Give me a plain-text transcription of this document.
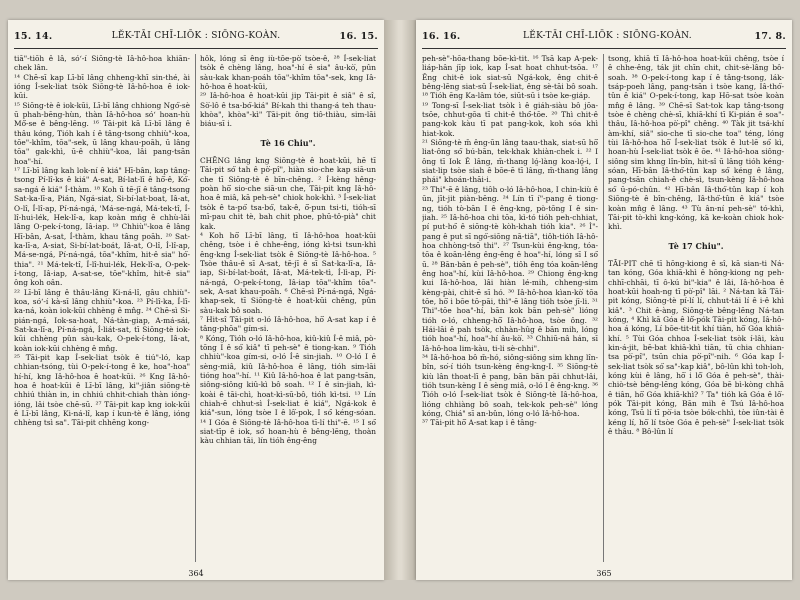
15. 14.	LĔK-TĀI CHĪ-LIŌK : SIŌNG-KOÀN.	16. 15.

tiā"-tiōh ê lâ, sóʻ-í Siōng-tè Iâ-hô-hoa khiān-chek lân.
¹⁴ Chē-sī kap Lī-bī lâng chheng-khī sin-thé, ài ióng Í-sek-liat tsòk Siōng-tè Iâ-hô-hoa ê iok-kūi.
¹⁵ Siōng-tè ê iok-kūi, Lī-bī lâng chhiong Ngó͘-sè ū phah-bēng-hùn, thàn Iâ-hô-hoa sóʻ hoan-hù Mô͘-se ê bêng-lēng. ¹⁶ Tāi-pit kā Lī-bī lâng ê thâu kóng, Tióh kah í ê tâng-tsong chhiù"-koa, tōe"-khîm, tōa"-sek, ū lâng khau-poāh, ū lâng tōa" gak-khì, ū-ê chhiù"-koa, lâi pang-tsān hoa"-hí.
¹⁷ Lī-bī lâng kah lok-ní ê kiá" Hī-bân, kap tâng-tsong Pí-lî-ks ê kiá" A-sat, Bí-lat-lī ê hō͘-ê, Kó͘-sa-ngá ê kiá" Í-thàm. ¹⁸ Koh ū tē-jī ê tâng-tsong Sat-ka-lī-a, Pián, Ngá-siat, Si-bí-lat-boat, Iâ-at, O-lî, Í-lî-ap, Pí-ná-ngá, 'Má-se-ngá, Má-tek-tî, Í-lî-hui-lék, Hek-lî-a, kap koàn mńg ê chhù-lāi lâng O-pek-í-tong, Iâ-iap. ¹⁹ Chhiù"-koa ê lâng Hī-bân, A-sat, Í-thàm, khau tâng poāh. ²⁰ Sat-ka-lī-a, A-siat, Si-bí-lat-boát, Iâ-at, O-lî, Í-lî-ap, Má-se-ngá, Pí-ná-ngá, tōa"-khîm, hit-ê sia" hó͘-thia". ²¹ Má-tek-tî, Í-lî-hui-lék, Hek-lî-a, O-pek-í-tong, Iâ-iap, A-sat-se, tōe"-khîm, hit-ê sia" ông koh oân.
²² Lī-bī lâng ê thâu-lâng Ki-ná-lî, gâu chhiù"-koa, sóʻ-í kà-sī lâng chhiù"-koa. ²³ Pí-lî-ka, Í-lī-ka-ná, koàn iok-kūi chhèng ê mn̂g. ²⁴ Chē-sì Si-pián-ngá, Iok-sa-hoat, Ná-tàn-giap, A-má-sái, Sat-ka-lī-a, Pí-ná-ngá, Í-liát-sat, tī Siōng-tè iok-kūi chhèng pûn sàu-kak, O-pek-í-tong, Iâ-at, koàn iok-kūi chhèng ê mn̂g.
²⁵ Tāi-pit kap Í-sek-liat tsòk ê tiú"-ló, kap chhian-tsóng, tùi O-pek-í-tong ê ke, hoa"-hoa" hí-hí, kng Iâ-hô-hoa ê hoat-kūi. ²⁶ Kng Iâ-hô-hoa ê hoat-kūi ê Lī-bī lâng, ki"-jiân siōng-tè chhiú thiàn in, in chhiú chhit-chiah thàn ióng-ióng, lâi tsòe chē-sū. ²⁷ Tāi-pit kap kng iok-kūi ê Lī-bī lâng, Ki-ná-lî, kap í kun-tè ê lâng, ióng chhèng tsì sa". Tāi-pit chhēng kong-

hôk, lóng sī êng iù-tōe-pò͘ tsòe-ê, ²⁸ Í-sek-liat tsòk ê chèng lâng, hoa"-hí ê sia" âu-kò͘, pûn sàu-kak khan-poáh tōa"-khîm tōa"-sek, kng Iâ-hô-hoa ê hoat-kūi,
²⁹ Iâ-hô-hoa ê hoat-kūi jip Tāi-pit ê siâ" ê sî, Sò͘-lô ê tsa-bó͘-kiá" Bí-kah thi thang-á teh thau-khòa", khòa"-kì" Tāi-pit ông tiô-thiàu, sim-lāi biáu-sī i.

Tè 16 Chiu".

CHĒNG lâng kng Siōng-tè ê hoat-kūi, hē tī Tāi-pit só͘ tah ê pò͘-pî", hiàn sio-che kap siā-un che tī Siōng-tè ê bīn-chêng. ² Í-kèng hêng-poàn hō͘ sio-che siā-un che, Tāi-pit kng Iâ-hô-hoa ê miâ, kā peh-sè" chiok hok-khì. ³ Í-sek-liat tsòk ê ta-pó͘ tsa-bó͘, tak-ê, ō͘-pun tsi-ti, tióh-sī mī-pau chit tè, bah chit phoe, phū-tô-pià" chit kak.
⁴ Koh hō͘ Lī-bī lâng, tī Iâ-hô-hoa hoat-kūi chêng, tsòe i ê chhe-êng, ióng kì-tsi tsun-khì êng-kng Í-sek-liat tsòk ê Siōng-tè Iâ-hô-hoa. ⁵ Tsòe thâu-ê sī A-sat, tē-jī ê sī Sat-ka-lī-a, Iâ-iap, Si-bí-lat-boát, Iâ-at, Má-tek-tì, Í-lì-ap, Pí-ná-ngá, O-pek-í-tong, Iâ-iap tōa"-khîm tōa"-sek, A-sat khau-poāh. ⁶ Chē-sì Pí-ná-ngá, Ngá-khap-sek, tī Siōng-tè ê hoat-kūi chêng, pûn sàu-kak bô soah.
⁷ Hit-sî Tāi-pit o-ló Iâ-hô-hoa, hō͘ A-sat kap í ê tâng-phōa" gím-si.
⁸ Kóng, Tióh o-ló Iâ-hô-hoa, kiû-kiû Í-ê miâ, pò-tōng I ê só͘ kiâ" tī peh-sè" ê tiong-kan. ⁹ Tióh chhiù"-koa gím-si, o-ló Í-ê sin-jiah. ¹⁰ O-ló I ê sèng-miâ, kiû Iâ-hô-hoa ê lâng, tióh sim-lāi tióng hoa"-hí. ¹¹ Kiû Iâ-hô-hoa ê lat pang-tsān, siông-siông kiû-kì bô soah. ¹² I ê sin-jiah, kì-koài ê tāi-chì, hoat-kì-sū-bô, tióh kì-tsi. ¹³ Lín chiah-ē chhut-sì Í-sek-liat ê kiá", Ngá-kok ê kiá"-sun, lóng tsòe I ê lô͘-pok, I só͘ kéng-sóan. ¹⁴ I Góa ê Siōng-tè Iâ-hô-hoa tī-lí thi"-ē. ¹⁵ I só͘ siat-tīp ê iok, só͘ hoan-hù ê bêng-lēng, thoàn kàu chhian tāi, lín tióh êng-êng

364
16. 16.	LĔK-TĀI CHĪ-LIŌK : SIŌNG-KOÀN.	17. 8.

peh-sè"-hōa-thang bōe-kì-tit. ¹⁶ Tsā kap A-pek-liáp-hân jīp iok, kap Í-sat hoat chhut-tsōa. ¹⁷ Êng chit-ê iok siat-sū Ngá-kok, êng chit-ê bêng-lēng siat-sū Í-sek-liat, êng sè-tāi bô soah. ¹⁸ Tióh ēng Ka-lâm tóe, siūt-sū i tsòe ke-giáp.
¹⁹ Tong-sī Í-sek-liat tsòk ì ê giáh-siàu bô jōa-tsōe, chhut-gōa tī chit-ê thó͘-tōe. ²⁰ Thì chit-ê pang-kok kàu tī pat pang-kok, koh sóa khì hiat-kok.
²¹ Siōng-tè m̄ êng-ūn lâng taau-thak, siat-sū hō͘ liat-ông só͘ bú-bān, tek-khak khiàn-chek i. ²² I ông tī Iok Ê lâng, m̄-thang ló̤-làng koa-ló̤-i, I siat-lip tsòe siah ê bōe-ē tī lâng, m̄-thang lâng phái" khoán-thāi-i.
²³ Thi"-ē ê lâng, tiôh o-ló Iâ-hô-hoa, I chin-kiù ê ūn, jīt-jit piàn-bēng. ²⁴ Lín tī í"-pang ê tiong-ng, tióh tò-bān I ê êng-kng, pò-tōng I ê sin-jiah. ²⁵ Iâ-hô-hoa chi tōa, kì-tó tióh peh-chhiat, pí put-hó͘ ê siōng-tè kòh-khah tióh kia". ²⁶ Ì"-pang ê put sī ngó͘-siōng nā-tiā", tiôh-tióh Iâ-hô-hoa chhòng-tsō thi". ²⁷ Tsun-kùi êng-kng, tóa-tōa ê koān-lêng êng-êng ê hoa"-hí, lóng sī I só͘ ū. ²⁸ Bān-bān ê peh-sè", tiôh êng tóa koān-lêng êng hoa"-hí, kùi Iâ-hô-hoa. ²⁹ Chiong êng-kng kui Iâ-hô-hoa, lâi hiàn lé-mih, chheng-sim kèng-pài, chit-ē sī hó. ³⁰ Iâ-hô-hoa kìan-kò͘ tōa tōe, hō͘ i bōe tō-pāi, thì"-ē lâng tióh tsòe jī-li. ³¹ Thi"-tōe hoa"-hí, bān kok bān peh-sè" lióng tióh o-ló, chheng-hō͘ Iâ-hô-hoa, tsòe ông. ³² Hái-lāi ê pah tsòk, chhàn-hûg ê bān mih, lóng tióh hoa"-hí, hoa"-hí âu-kò͘. ³³ Chhiū-nâ hán, sī Iâ-hô-hoa lim-kàu, ti-li sè-chhi".
³⁴ Iâ-hô-hoa bô m̄-hó, siông-siông sim khng lîn-bîn, so͘-í tióh tsun-kèng êng-kng-I. ³⁵ Siōng-tè kiù lân thoat-lī ê pang, bān bān pāi chhut-lâi, tióh tsun-kèng I ê sèng miâ, o-ló I ê êng-kng. ³⁶ Tióh o-ló Í-sek-liat tsòk ê Siōng-tè Iâ-hô-hoa, lióng chhiàng bô soah, tek-kok peh-sè" lóng kóng, Chiá" sī an-bûn, lóng o-ló Iâ-hô-hoa.
³⁷ Tāi-pit hō͘ A-sat kap i ê tâng-

tsong, khiā tī Iâ-hô-hoa hoat-kūi chêng, tsòe í ê chhe-êng, ták jit chīn chit, chit-sè-lâng bô-soah. ³⁸ O-pek-í-tong kap í ê tâng-tsong, lák-tsáp-poeh lâng, pang-tsān i tsòe kang, Iâ-thó͘-tûn ê kiá" O-pek-í-tong, kap Hō-sat tsòe koàn mn̂g ê lâng. ³⁹ Chē-sī Sat-tok kap tâng-tsong tsòe ê chèng chè-sī, khiā-khí tī Ki-pián ê soa"-thâu, Iâ-hô-hoa pò͘-pî" chêng. ⁴⁰ Tàk jit tsá-khí àm-khí, siâ" sio-che tī sio-che toa" téng, lóng tùi Iâ-hô-hoa hō͘ Í-sek-liat tsòk ê lut-lē só͘ kì, hoan-hù Í-sek-liat tsòk ê ōe. ⁴¹ Iâ-hô-hoa siông-siông sim khng lîn-bîn, hit-sî ū lâng tióh kéng-sóan, Hī-bân Iâ-thó͘-tûn kap só͘ kéng ê lâng, pang-tsān chiah-ê chè-sì, tsun-kèng Iâ-hô-hoa só͘ ū-pó-chûn. ⁴² Hī-bân Iâ-thó͘-tûn kap í koh Siōng-tè ê bîn-chêng, Iâ-thó͘-tûn ê kiá" tsòe koàn mn̂g ê lâng. ⁴³ Tù ân-ní peh-sè" tó-khì, Tāi-pit tò-khì kng-kóng, kā ke-koàn chiok hok-khì.

Tè 17 Chiu".

TĀI-PIT chē tī hōng-kiong ê sî, kā sian-ti Ná-tan kóng, Góa khiā-khì ê hōng-kiong ng peh-chhī-chhāi, tī ô-kú bi"-kia" ê lâi, Iâ-hô-hoa ê hoat-kūi hoah-ng tī pò͘-pî" lāi. ² Ná-tan kā Tāi-pit kóng, Siōng-tè pí-lí lí, chhut-tái lí ê i-ê khì kiâ". ³ Chit ê-àng, Siōng-tè bêng-lēng Ná-tan kóng, ⁴ Khì kā Góa ê lô͘-pók Tāi-pit kóng, Iâ-hô-hoa á kóng, Lí bōe-tit-tit khí tiān, hō͘ Góa khiā-khí. ⁵ Tùi Góa chhoa Í-sek-liat tsòk í-lâi, kàu kin-á-jit, bē-bat khiā-khì tiān, tū chia chhian-tsa pò͘-pî", tsūn chia pò͘-pî"-nih. ⁶ Góa kap Í-sek-liat tsòk só͘ sa"-kap kiâ", bô-lûn khì toh-loh, kóng kùi ê lâng, hō͘ i lô͘ Góa ê peh-sè", thài-chiò-tsè bêng-lēng kóng, Góa bē bì-kòng chhā ê tiân, hō͘ Góa khiā-khì? ⁷ Ta" tióh kā Góa ê lô͘-pók Tāi-pit kóng, Bān mih ê Tsú Iâ-hô-hoa kóng, Tsū lí tī pò͘-ia tsòe bók-chhì, tòe iûn-tài ê kéng lí, hō͘ lí tsòe Góa ê peh-sè" Í-sek-liat tsòk ê thâu. ⁸ Bô-lûn lí

365
